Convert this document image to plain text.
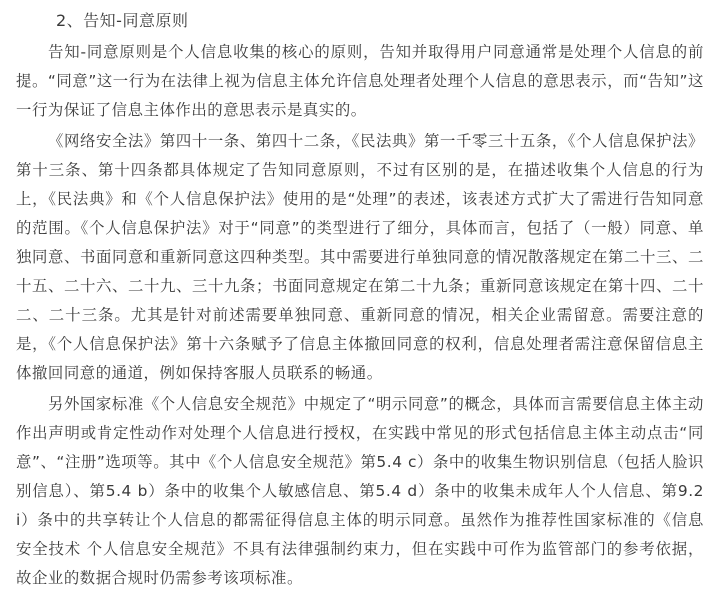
2、告知-同意原则

告知-同意原则是个人信息收集的核心的原则，告知并取得用户同意通常是处理个人信息的前提。“同意”这一行为在法律上视为信息主体允许信息处理者处理个人信息的意思表示，而“告知”这一行为保证了信息主体作出的意思表示是真实的。

《网络安全法》第四十一条、第四十二条，《民法典》第一千零三十五条，《个人信息保护法》第十三条、第十四条都具体规定了告知同意原则，不过有区别的是，在描述收集个人信息的行为上，《民法典》和《个人信息保护法》使用的是“处理”的表述，该表述方式扩大了需进行告知同意的范围。《个人信息保护法》对于“同意”的类型进行了细分，具体而言，包括了（一般）同意、单独同意、书面同意和重新同意这四种类型。其中需要进行单独同意的情况散落规定在第二十三、二十五、二十六、二十九、三十九条；书面同意规定在第二十九条；重新同意该规定在第十四、二十二、二十三条。尤其是针对前述需要单独同意、重新同意的情况，相关企业需留意。需要注意的是，《个人信息保护法》第十六条赋予了信息主体撤回同意的权利，信息处理者需注意保留信息主体撤回同意的通道，例如保持客服人员联系的畅通。

另外国家标准《个人信息安全规范》中规定了“明示同意”的概念，具体而言需要信息主体主动作出声明或肯定性动作对处理个人信息进行授权，在实践中常见的形式包括信息主体主动点击“同意”、“注册”选项等。其中《个人信息安全规范》第5.4 c）条中的收集生物识别信息（包括人脸识别信息）、第5.4 b）条中的收集个人敏感信息、第5.4 d）条中的收集未成年人个人信息、第9.2 i）条中的共享转让个人信息的都需征得信息主体的明示同意。虽然作为推荐性国家标准的《信息安全技术 个人信息安全规范》不具有法律强制约束力，但在实践中可作为监管部门的参考依据，故企业的数据合规时仍需参考该项标准。
